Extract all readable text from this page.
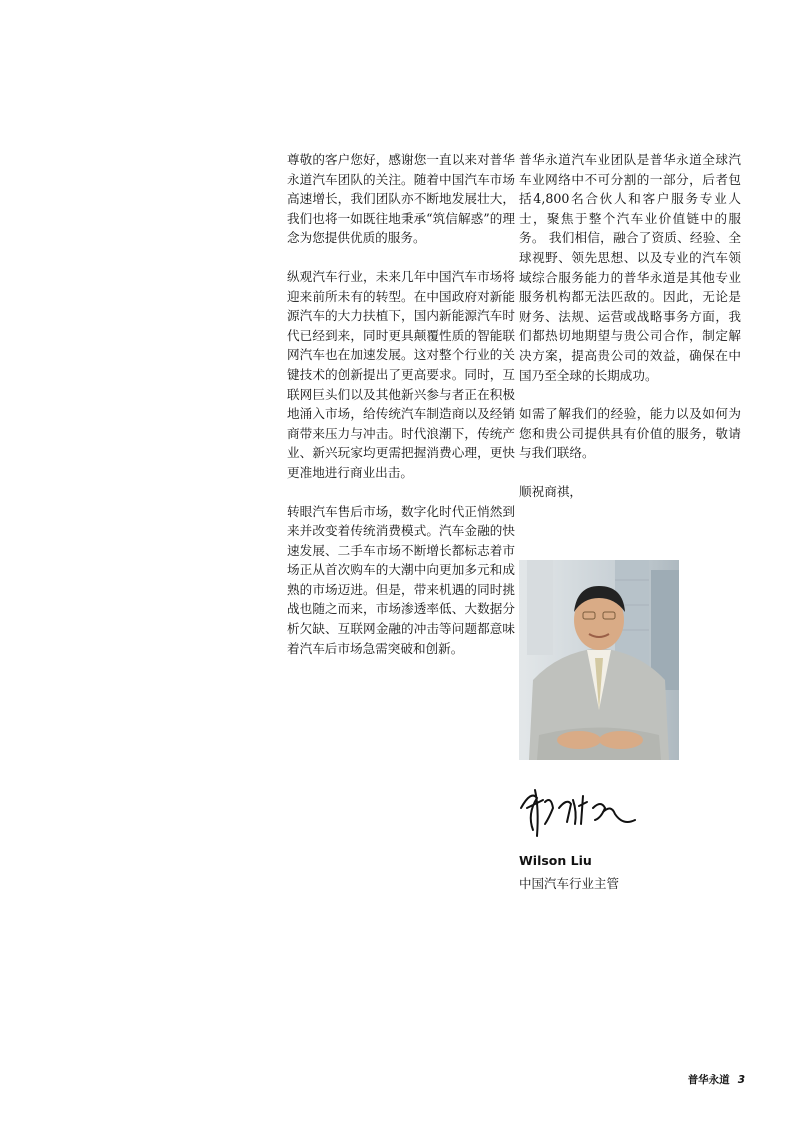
尊敬的客户您好，感谢您一直以来对普华永道汽车团队的关注。随着中国汽车市场高速增长，我们团队亦不断地发展壮大，我们也将一如既往地秉承“筑信解惑”的理念为您提供优质的服务。

纵观汽车行业，未来几年中国汽车市场将迎来前所未有的转型。在中国政府对新能源汽车的大力扶植下，国内新能源汽车时代已经到来，同时更具颠覆性质的智能联网汽车也在加速发展。这对整个行业的关键技术的创新提出了更高要求。同时，互联网巨头们以及其他新兴参与者正在积极地涌入市场，给传统汽车制造商以及经销商带来压力与冲击。时代浪潮下，传统产业、新兴玩家均更需把握消费心理，更快更准地进行商业出击。

转眼汽车售后市场，数字化时代正悄然到来并改变着传统消费模式。汽车金融的快速发展、二手车市场不断增长都标志着市场正从首次购车的大潮中向更加多元和成熟的市场迈进。但是，带来机遇的同时挑战也随之而来，市场渗透率低、大数据分析欠缺、互联网金融的冲击等问题都意味着汽车后市场急需突破和创新。

普华永道汽车业团队是普华永道全球汽车业网络中不可分割的一部分，后者包括4,800名合伙人和客户服务专业人士，聚焦于整个汽车业价值链中的服务。 我们相信，融合了资质、经验、全球视野、领先思想、以及专业的汽车领域综合服务能力的普华永道是其他专业服务机构都无法匹敌的。因此，无论是财务、法规、运营或战略事务方面，我们都热切地期望与贵公司合作，制定解决方案，提高贵公司的效益，确保在中国乃至全球的长期成功。

如需了解我们的经验，能力以及如何为您和贵公司提供具有价值的服务，敬请与我们联络。

顺祝商祺，

Wilson Liu
中国汽车行业主管
普华永道 3
